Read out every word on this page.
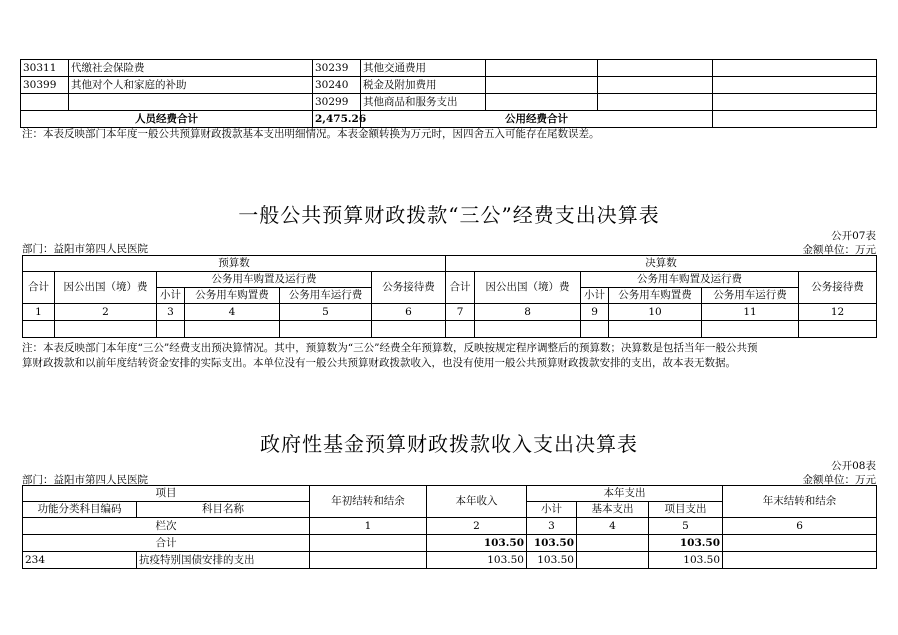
30311	代缴社会保险费	30239	其他交通费用			
30399	其他对个人和家庭的补助	30240	税金及附加费用			
		30299	其他商品和服务支出			
人员经费合计		2,475.26	公用经费合计			
注：本表反映部门本年度一般公共预算财政拨款基本支出明细情况。本表金额转换为万元时，因四舍五入可能存在尾数误差。
一般公共预算财政拨款“三公”经费支出决算表
公开07表
部门：益阳市第四人民医院	金额单位：万元
预算数						决算数					
合计	因公出国（境）费	公务用车购置及运行费			公务接待费	合计	因公出国（境）费	公务用车购置及运行费			公务接待费
		小计	公务用车购置费	公务用车运行费				小计	公务用车购置费	公务用车运行费	
1	2	3	4	5	6	7	8	9	10	11	12

注：本表反映部门本年度“三公”经费支出预决算情况。其中，预算数为“三公”经费全年预算数，反映按规定程序调整后的预算数；决算数是包括当年一般公共预
算财政拨款和以前年度结转资金安排的实际支出。本单位没有一般公共预算财政拨款收入，也没有使用一般公共预算财政拨款安排的支出，故本表无数据。
政府性基金预算财政拨款收入支出决算表
公开08表
部门：益阳市第四人民医院	金额单位：万元
项目		年初结转和结余	本年收入	本年支出			年末结转和结余
功能分类科目编码	科目名称			小计	基本支出	项目支出	
栏次		1	2	3	4	5	6
合计			103.50	103.50		103.50	
234	抗疫特别国债安排的支出		103.50	103.50		103.50	
